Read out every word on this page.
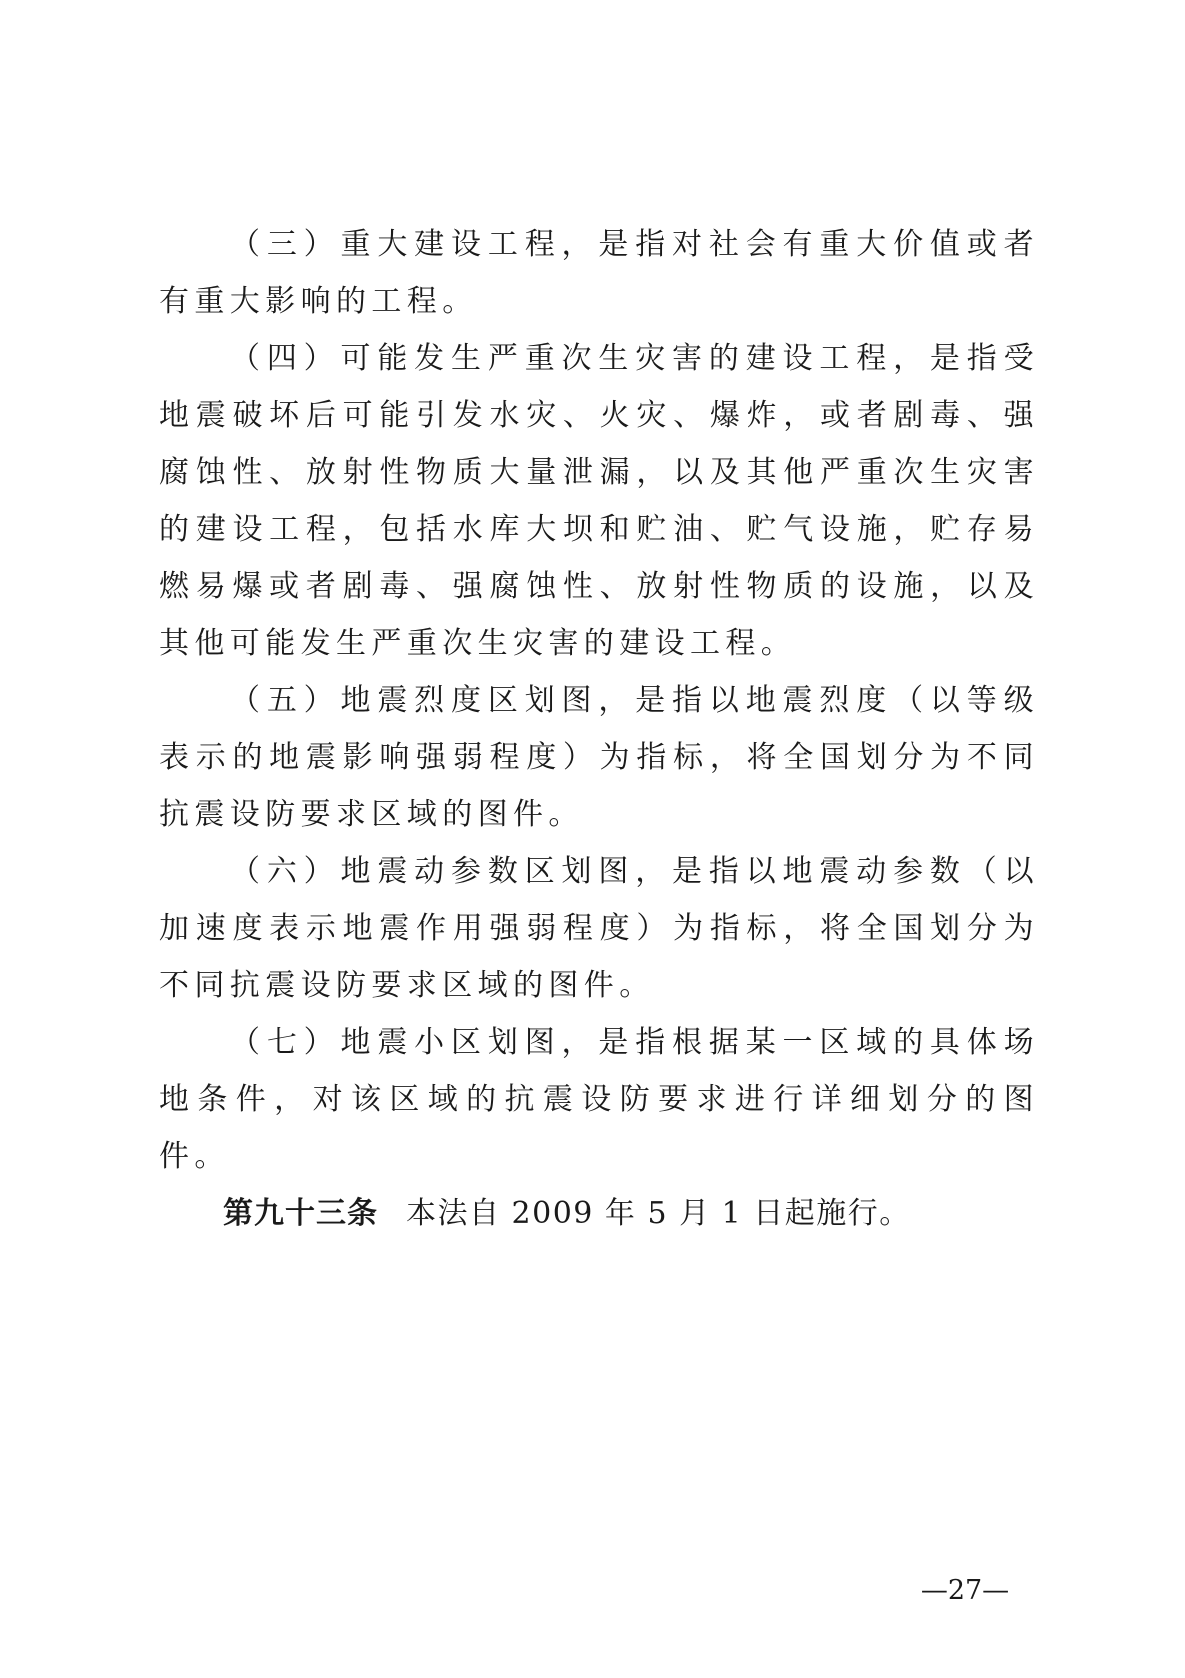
（三）重大建设工程，是指对社会有重大价值或者有重大影响的工程。

（四）可能发生严重次生灾害的建设工程，是指受地震破坏后可能引发水灾、火灾、爆炸，或者剧毒、强腐蚀性、放射性物质大量泄漏，以及其他严重次生灾害的建设工程，包括水库大坝和贮油、贮气设施，贮存易燃易爆或者剧毒、强腐蚀性、放射性物质的设施，以及其他可能发生严重次生灾害的建设工程。

（五）地震烈度区划图，是指以地震烈度（以等级表示的地震影响强弱程度）为指标，将全国划分为不同抗震设防要求区域的图件。

（六）地震动参数区划图，是指以地震动参数（以加速度表示地震作用强弱程度）为指标，将全国划分为不同抗震设防要求区域的图件。

（七）地震小区划图，是指根据某一区域的具体场地条件，对该区域的抗震设防要求进行详细划分的图件。

第九十三条 本法自 2009 年 5 月 1 日起施行。

—27—
